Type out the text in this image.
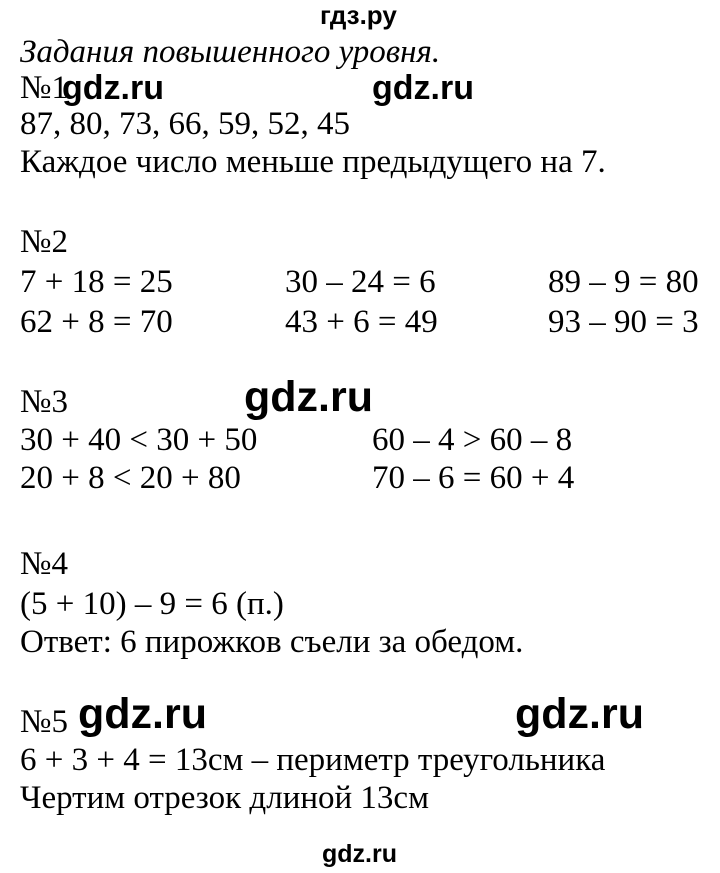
гдз.ру
Задания повышенного уровня.
№1
87, 80, 73, 66, 59, 52, 45
Каждое число меньше предыдущего на 7.
№2
7 + 18 = 25	30 – 24 = 6	89 – 9 = 80
62 + 8 = 70	43 + 6 = 49	93 – 90 = 3
№3
30 + 40 < 30 + 50	60 – 4 > 60 – 8
20 + 8 < 20 + 80	70 – 6 = 60 + 4
№4
(5 + 10) – 9 = 6 (п.)
Ответ: 6 пирожков съели за обедом.
№5
6 + 3 + 4 = 13см – периметр треугольника
Чертим отрезок длиной 13см
gdz.ru	gdz.ru
gdz.ru
gdz.ru	gdz.ru
gdz.ru
